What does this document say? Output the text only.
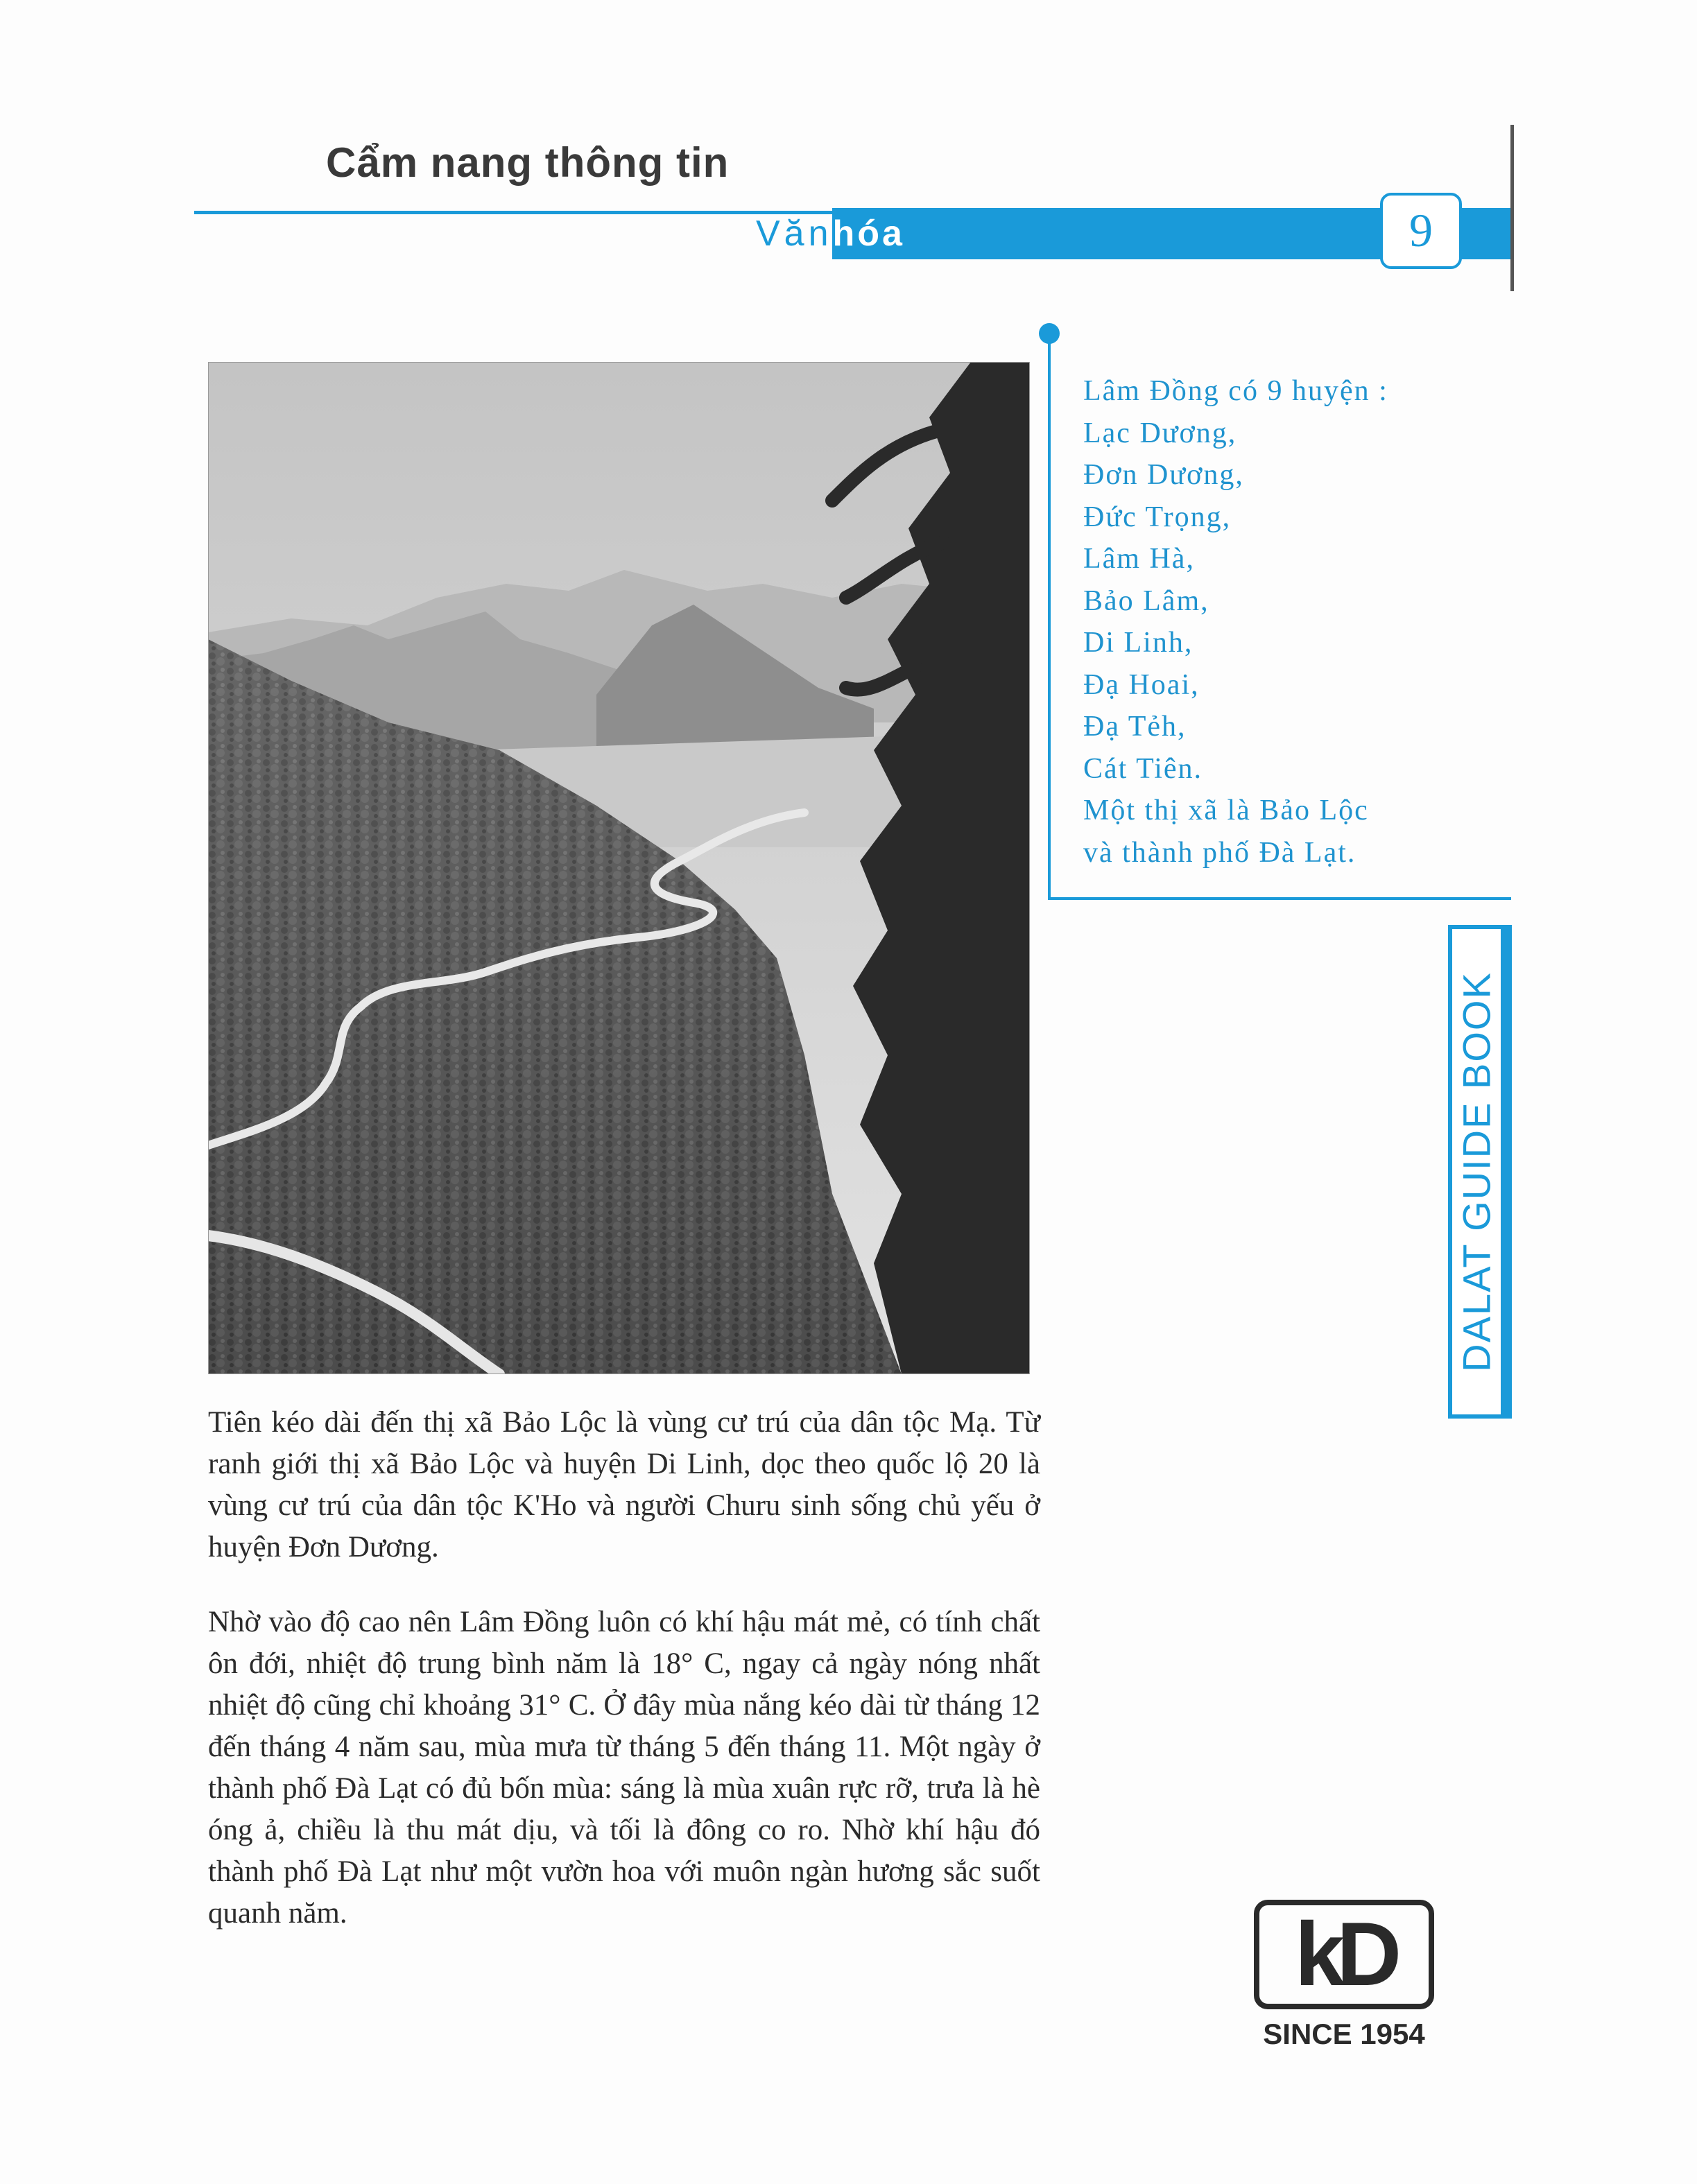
Cẩm nang thông tin
Vănhóa	9
Lâm Đồng có 9 huyện :
Lạc Dương,
Đơn Dương,
Đức Trọng,
Lâm Hà,
Bảo Lâm,
Di Linh,
Đạ Hoai,
Đạ Tẻh,
Cát Tiên.
Một thị xã là Bảo Lộc
và thành phố Đà Lạt.
DALAT GUIDE BOOK

Tiên kéo dài đến thị xã Bảo Lộc là vùng cư trú của dân tộc Mạ. Từ ranh giới thị xã Bảo Lộc và huyện Di Linh, dọc theo quốc lộ 20 là vùng cư trú của dân tộc K'Ho và người Churu sinh sống chủ yếu ở huyện Đơn Dương.

Nhờ vào độ cao nên Lâm Đồng luôn có khí hậu mát mẻ, có tính chất ôn đới, nhiệt độ trung bình năm là 18° C, ngay cả ngày nóng nhất nhiệt độ cũng chỉ khoảng 31° C. Ở đây mùa nắng kéo dài từ tháng 12 đến tháng 4 năm sau, mùa mưa từ tháng 5 đến tháng 11. Một ngày ở thành phố Đà Lạt có đủ bốn mùa: sáng là mùa xuân rực rỡ, trưa là hè óng ả, chiều là thu mát dịu, và tối là đông co ro. Nhờ khí hậu đó thành phố Đà Lạt như một vườn hoa với muôn ngàn hương sắc suốt quanh năm.	kD
SINCE 1954
